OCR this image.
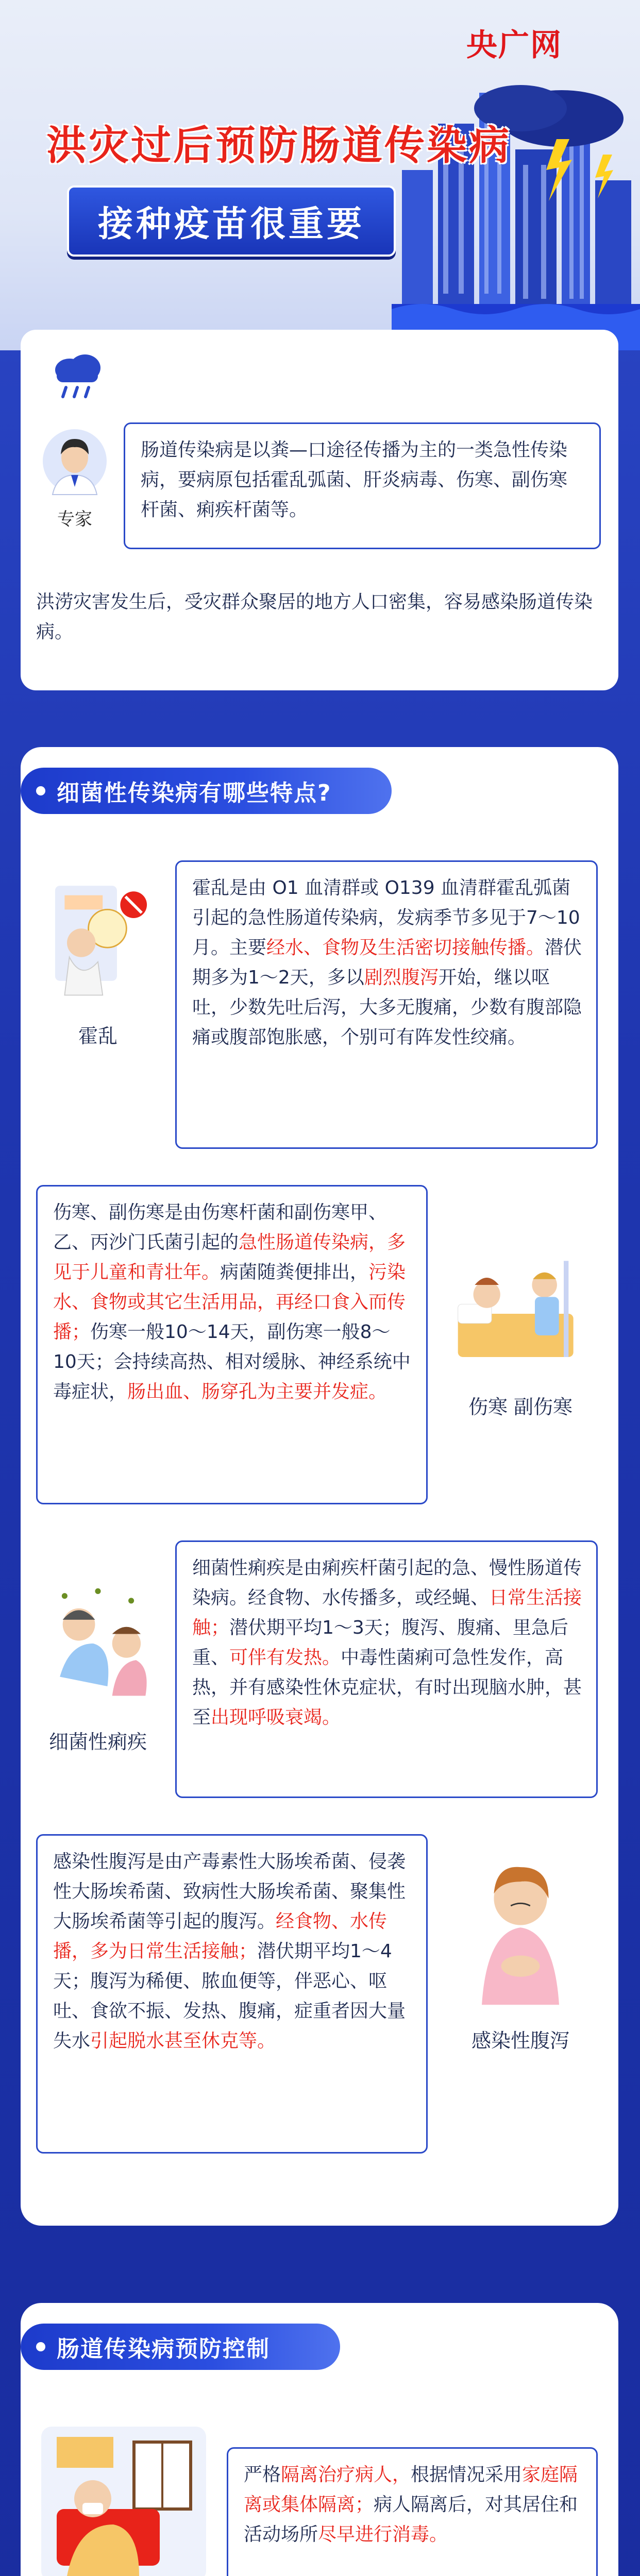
央广网
洪灾过后预防肠道传染病
接种疫苗很重要
专家
肠道传染病是以粪—口途径传播为主的一类急性传染病，要病原包括霍乱弧菌、肝炎病毒、伤寒、副伤寒杆菌、痢疾杆菌等。
洪涝灾害发生后，受灾群众聚居的地方人口密集，容易感染肠道传染病。
细菌性传染病有哪些特点?
霍乱
霍乱是由 O1 血清群或 O139 血清群霍乱弧菌引起的急性肠道传染病，发病季节多见于7～10月。主要经水、食物及生活密切接触传播。潜伏期多为1～2天，多以剧烈腹泻开始，继以呕吐，少数先吐后泻，大多无腹痛，少数有腹部隐痛或腹部饱胀感，个别可有阵发性绞痛。
伤寒、副伤寒是由伤寒杆菌和副伤寒甲、乙、丙沙门氏菌引起的急性肠道传染病，多见于儿童和青壮年。病菌随粪便排出，污染水、食物或其它生活用品，再经口食入而传播；伤寒一般10～14天，副伤寒一般8～10天；会持续高热、相对缓脉、神经系统中毒症状，肠出血、肠穿孔为主要并发症。
伤寒 副伤寒
细菌性痢疾
细菌性痢疾是由痢疾杆菌引起的急、慢性肠道传染病。经食物、水传播多，或经蝇、日常生活接触；潜伏期平均1～3天；腹泻、腹痛、里急后重、可伴有发热。中毒性菌痢可急性发作，高热，并有感染性休克症状，有时出现脑水肿，甚至出现呼吸衰竭。
感染性腹泻是由产毒素性大肠埃希菌、侵袭性大肠埃希菌、致病性大肠埃希菌、聚集性大肠埃希菌等引起的腹泻。经食物、水传播，多为日常生活接触；潜伏期平均1～4天；腹泻为稀便、脓血便等，伴恶心、呕吐、食欲不振、发热、腹痛，症重者因大量失水引起脱水甚至休克等。	感染性腹泻
肠道传染病预防控制
严格隔离治疗病人，根据情况采用家庭隔离或集体隔离；病人隔离后，对其居住和活动场所尽早进行消毒。
